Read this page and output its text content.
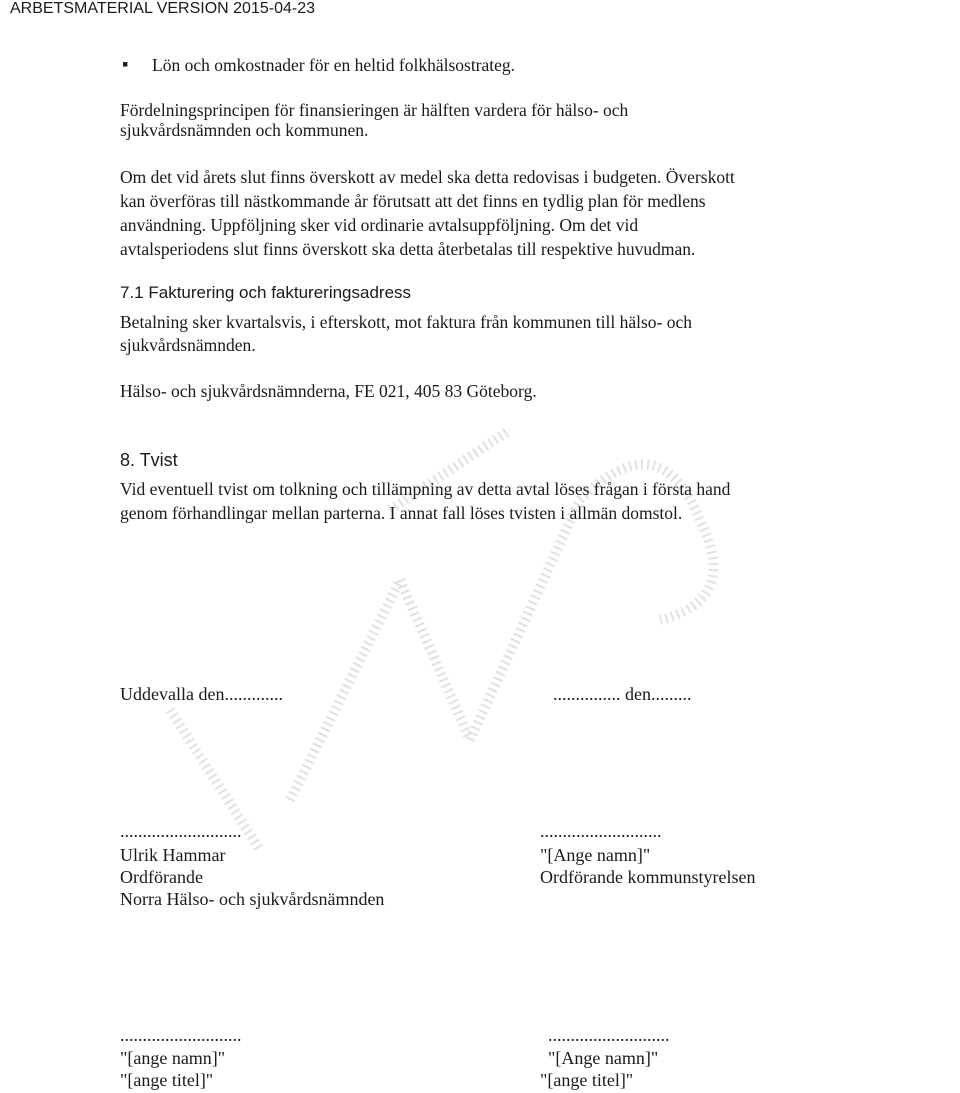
ARBETSMATERIAL VERSION 2015-04-23
▪ Lön och omkostnader för en heltid folkhälsostrateg.
Fördelningsprincipen för finansieringen är hälften vardera för hälso- och
sjukvårdsnämnden och kommunen.
Om det vid årets slut finns överskott av medel ska detta redovisas i budgeten. Överskott
kan överföras till nästkommande år förutsatt att det finns en tydlig plan för medlens
användning. Uppföljning sker vid ordinarie avtalsuppföljning. Om det vid
avtalsperiodens slut finns överskott ska detta återbetalas till respektive huvudman.
7.1 Fakturering och faktureringsadress
Betalning sker kvartalsvis, i efterskott, mot faktura från kommunen till hälso- och
sjukvårdsnämnden.
Hälso- och sjukvårdsnämnderna, FE 021, 405 83 Göteborg.
8. Tvist
Vid eventuell tvist om tolkning och tillämpning av detta avtal löses frågan i första hand
genom förhandlingar mellan parterna. I annat fall löses tvisten i allmän domstol.
Uddevalla den.............	............... den.........
...........................	...........................
Ulrik Hammar
Ordförande
Norra Hälso- och sjukvårdsnämnden
"[Ange namn]"
Ordförande kommunstyrelsen
...........................	...........................
"[ange namn]"
"[ange titel]"
"[Ange namn]"
"[ange titel]"
